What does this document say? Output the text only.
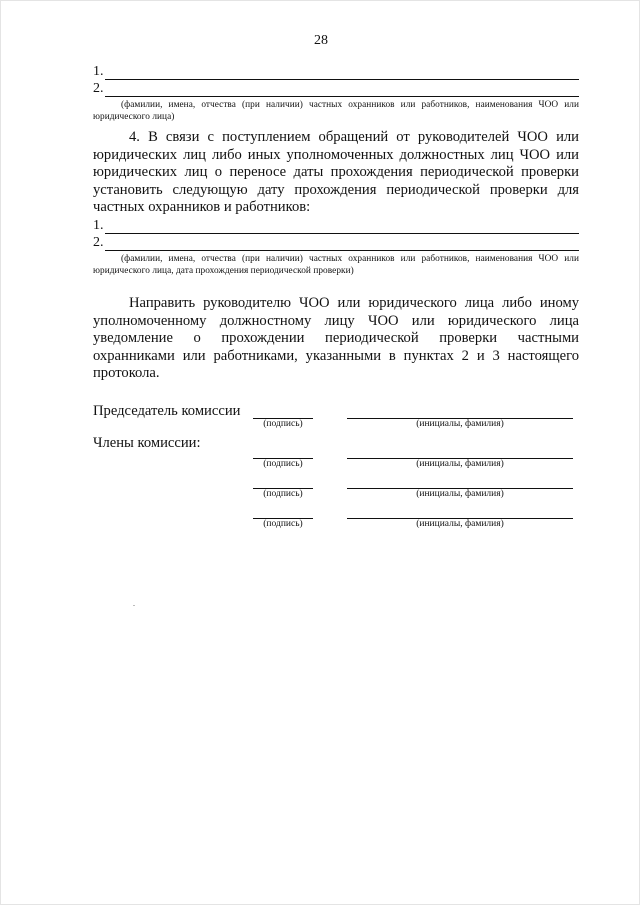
28
1.
2.
(фамилии, имена, отчества (при наличии) частных охранников или работников, наименования ЧОО или юридического лица)
4. В связи с поступлением обращений от руководителей ЧОО или юридических лиц либо иных уполномоченных должностных лиц ЧОО или юридических лиц о переносе даты прохождения периодической проверки установить следующую дату прохождения периодической проверки для частных охранников и работников:
1.
2.
(фамилии, имена, отчества (при наличии) частных охранников или работников, наименования ЧОО или юридического лица, дата прохождения периодической проверки)
Направить руководителю ЧОО или юридического лица либо иному уполномоченному должностному лицу ЧОО или юридического лица уведомление о прохождении периодической проверки частными охранниками или работниками, указанными в пунктах 2 и 3 настоящего протокола.
Председатель комиссии
(подпись)	(инициалы, фамилия)
Члены комиссии:
(подпись)	(инициалы, фамилия)
(подпись)	(инициалы, фамилия)
(подпись)	(инициалы, фамилия)
